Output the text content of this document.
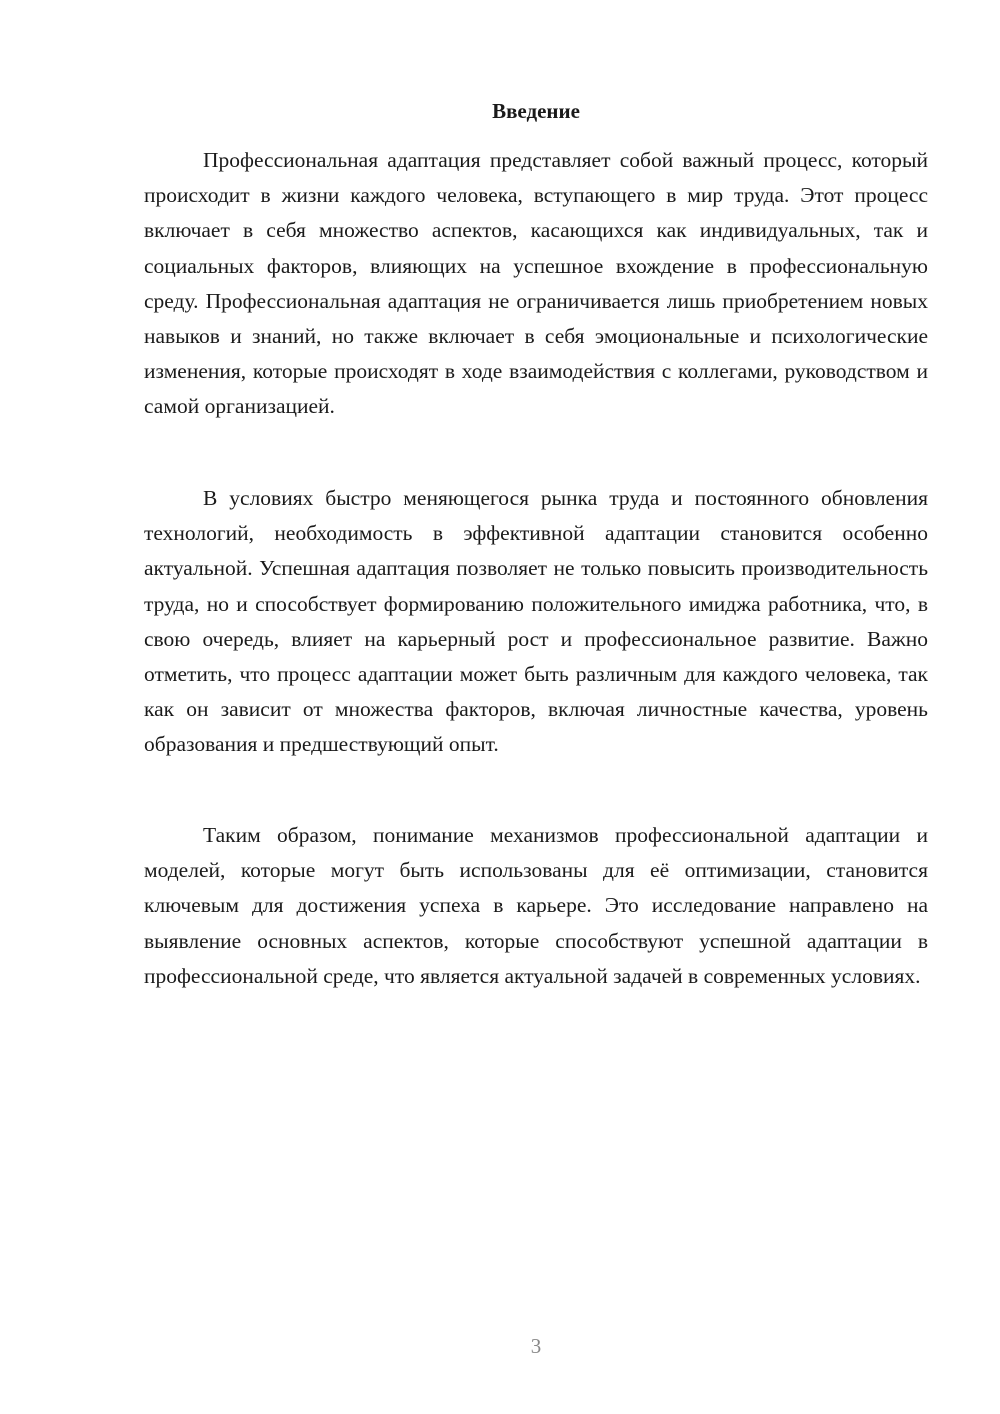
Введение

Профессиональная адаптация представляет собой важный процесс, который происходит в жизни каждого человека, вступающего в мир труда. Этот процесс включает в себя множество аспектов, касающихся как индивидуальных, так и социальных факторов, влияющих на успешное вхождение в профессиональную среду. Профессиональная адаптация не ограничивается лишь приобретением новых навыков и знаний, но также включает в себя эмоциональные и психологические изменения, которые происходят в ходе взаимодействия с коллегами, руководством и самой организацией.

В условиях быстро меняющегося рынка труда и постоянного обновления технологий, необходимость в эффективной адаптации становится особенно актуальной. Успешная адаптация позволяет не только повысить производительность труда, но и способствует формированию положительного имиджа работника, что, в свою очередь, влияет на карьерный рост и профессиональное развитие. Важно отметить, что процесс адаптации может быть различным для каждого человека, так как он зависит от множества факторов, включая личностные качества, уровень образования и предшествующий опыт.

Таким образом, понимание механизмов профессиональной адаптации и моделей, которые могут быть использованы для её оптимизации, становится ключевым для достижения успеха в карьере. Это исследование направлено на выявление основных аспектов, которые способствуют успешной адаптации в профессиональной среде, что является актуальной задачей в современных условиях.

3
